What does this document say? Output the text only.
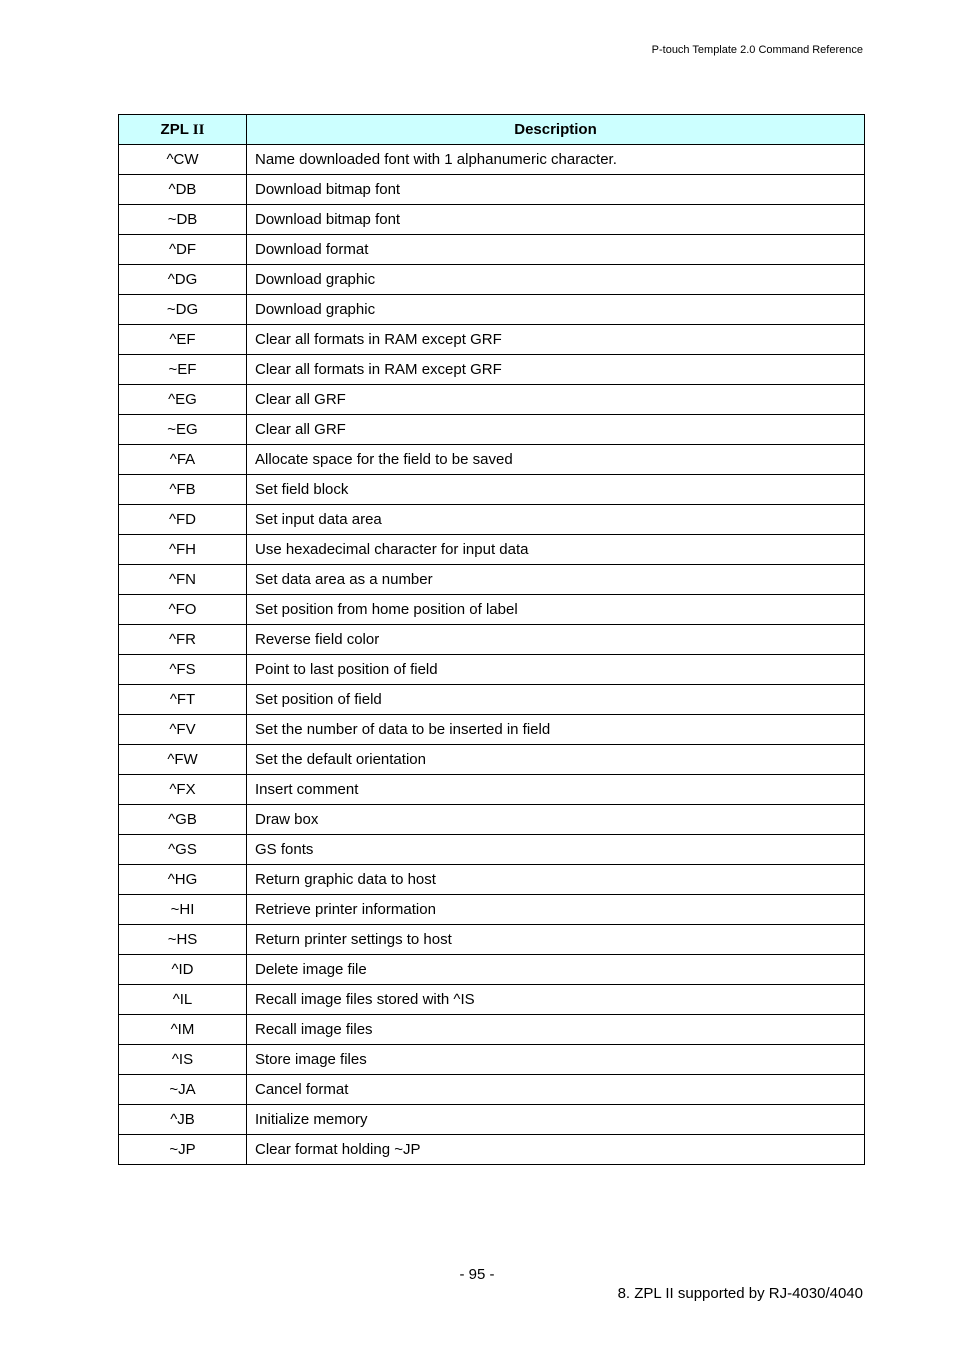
P-touch Template 2.0 Command Reference
ZPL II	Description
^CW	Name downloaded font with 1 alphanumeric character.
^DB	Download bitmap font
~DB	Download bitmap font
^DF	Download format
^DG	Download graphic
~DG	Download graphic
^EF	Clear all formats in RAM except GRF
~EF	Clear all formats in RAM except GRF
^EG	Clear all GRF
~EG	Clear all GRF
^FA	Allocate space for the field to be saved
^FB	Set field block
^FD	Set input data area
^FH	Use hexadecimal character for input data
^FN	Set data area as a number
^FO	Set position from home position of label
^FR	Reverse field color
^FS	Point to last position of field
^FT	Set position of field
^FV	Set the number of data to be inserted in field
^FW	Set the default orientation
^FX	Insert comment
^GB	Draw box
^GS	GS fonts
^HG	Return graphic data to host
~HI	Retrieve printer information
~HS	Return printer settings to host
^ID	Delete image file
^IL	Recall image files stored with ^IS
^IM	Recall image files
^IS	Store image files
~JA	Cancel format
^JB	Initialize memory
~JP	Clear format holding ~JP
- 95 -
8. ZPL II supported by RJ-4030/4040
